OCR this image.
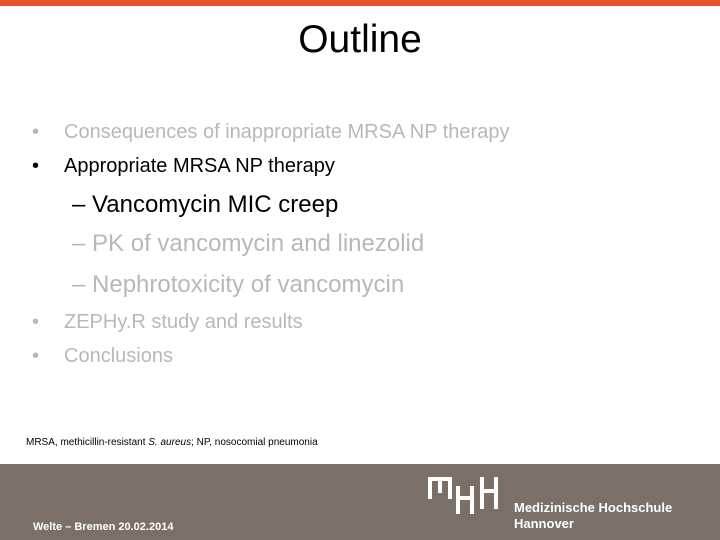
Outline
•	Consequences of inappropriate MRSA NP therapy
•	Appropriate MRSA NP therapy
– Vancomycin MIC creep
– PK of vancomycin and linezolid
– Nephrotoxicity of vancomycin
•	ZEPHy.R study and results
•	Conclusions
MRSA, methicillin-resistant S. aureus; NP, nosocomial pneumonia
Medizinische Hochschule
Hannover
Welte – Bremen 20.02.2014
